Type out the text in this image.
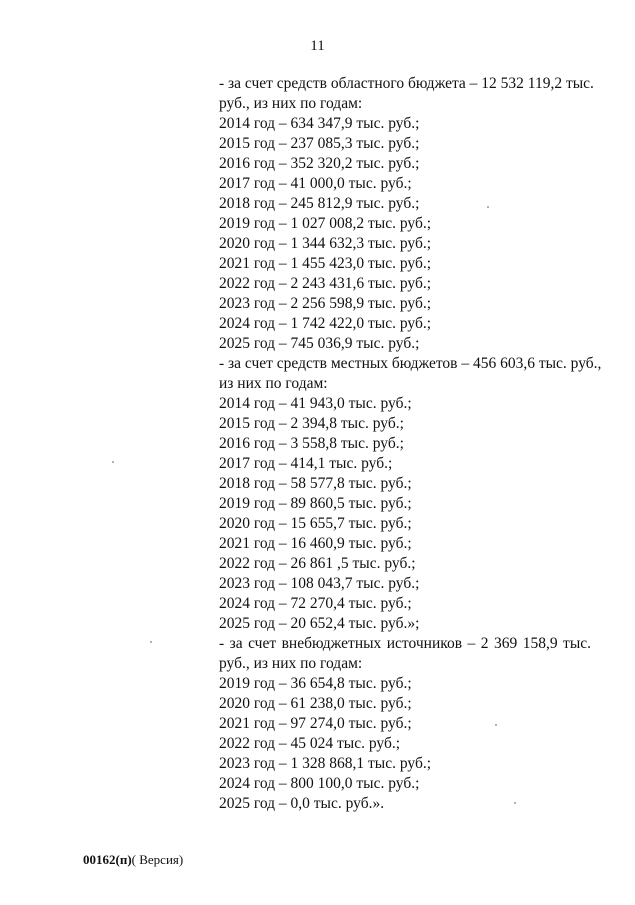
11
- за счет средств областного бюджета – 12 532 119,2 тыс.
руб., из них по годам:
2014 год – 634 347,9 тыс. руб.;
2015 год – 237 085,3 тыс. руб.;
2016 год – 352 320,2 тыс. руб.;
2017 год – 41 000,0 тыс. руб.;
2018 год – 245 812,9 тыс. руб.;
2019 год – 1 027 008,2 тыс. руб.;
2020 год – 1 344 632,3 тыс. руб.;
2021 год – 1 455 423,0 тыс. руб.;
2022 год – 2 243 431,6 тыс. руб.;
2023 год – 2 256 598,9 тыс. руб.;
2024 год – 1 742 422,0 тыс. руб.;
2025 год – 745 036,9 тыс. руб.;
- за счет средств местных бюджетов – 456 603,6 тыс. руб.,
из них по годам:
2014 год – 41 943,0 тыс. руб.;
2015 год – 2 394,8 тыс. руб.;
2016 год – 3 558,8 тыс. руб.;
2017 год – 414,1 тыс. руб.;
2018 год – 58 577,8 тыс. руб.;
2019 год – 89 860,5 тыс. руб.;
2020 год – 15 655,7 тыс. руб.;
2021 год – 16 460,9 тыс. руб.;
2022 год – 26 861 ,5 тыс. руб.;
2023 год – 108 043,7 тыс. руб.;
2024 год – 72 270,4 тыс. руб.;
2025 год – 20 652,4 тыс. руб.»;
- за счет внебюджетных источников – 2 369 158,9 тыс.
руб., из них по годам:
2019 год – 36 654,8 тыс. руб.;
2020 год – 61 238,0 тыс. руб.;
2021 год – 97 274,0 тыс. руб.;
2022 год – 45 024 тыс. руб.;
2023 год – 1 328 868,1 тыс. руб.;
2024 год – 800 100,0 тыс. руб.;
2025 год – 0,0 тыс. руб.».
00162(п)( Версия)
